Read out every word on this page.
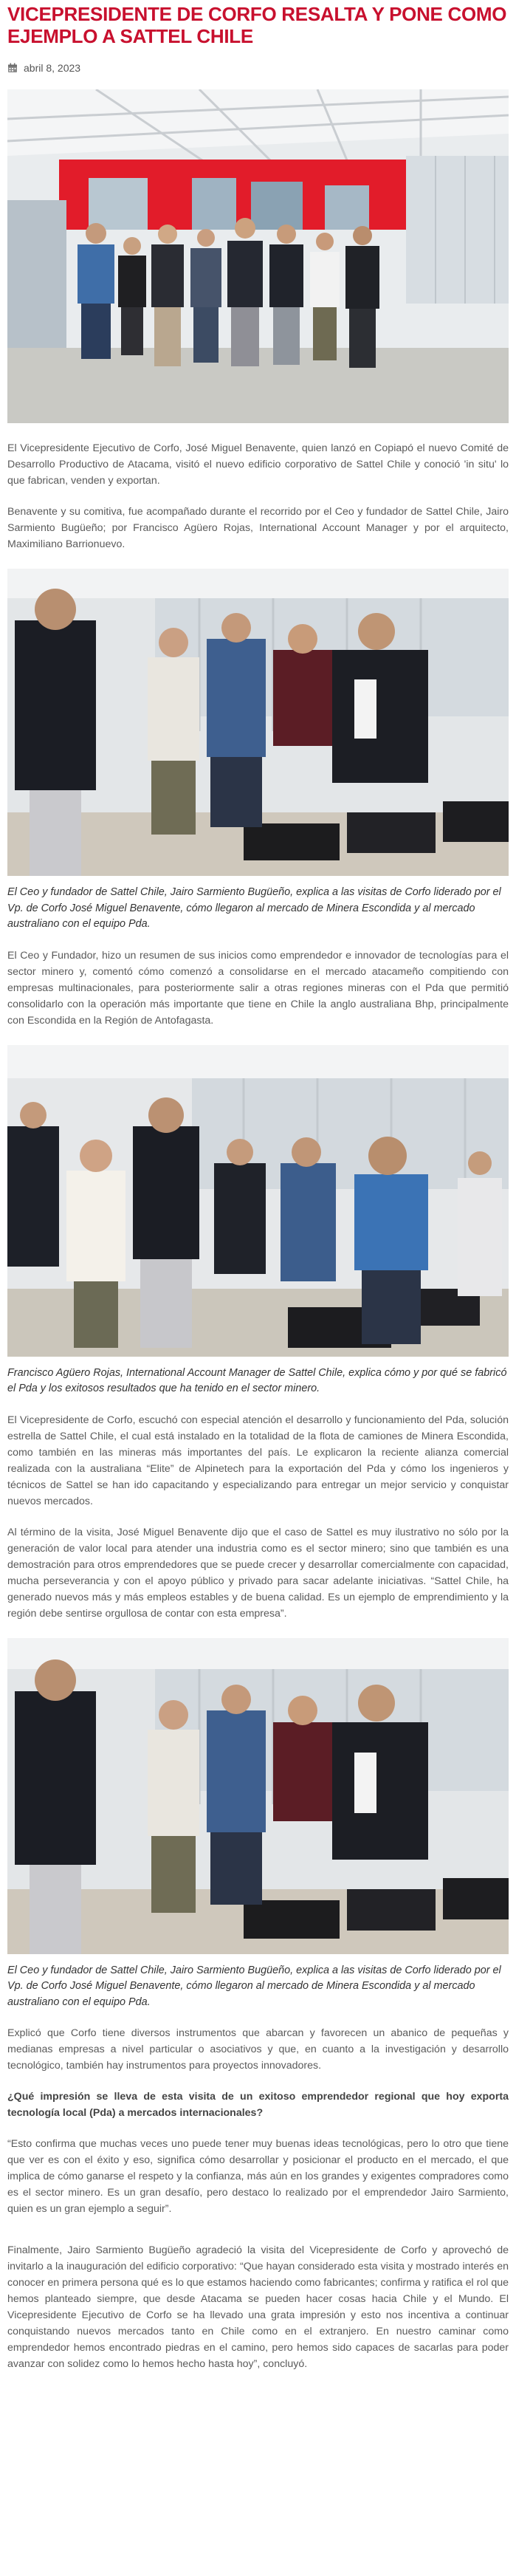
VICEPRESIDENTE DE CORFO RESALTA Y PONE COMO EJEMPLO A SATTEL CHILE
abril 8, 2023

El Vicepresidente Ejecutivo de Corfo, José Miguel Benavente, quien lanzó en Copiapó el nuevo Comité de Desarrollo Productivo de Atacama, visitó el nuevo edificio corporativo de Sattel Chile y conoció 'in situ' lo que fabrican, venden y exportan.

Benavente y su comitiva, fue acompañado durante el recorrido por el Ceo y fundador de Sattel Chile, Jairo Sarmiento Bugüeño; por Francisco Agüero Rojas, International Account Manager y por el arquitecto, Maximiliano Barrionuevo.

El Ceo y fundador de Sattel Chile, Jairo Sarmiento Bugüeño, explica a las visitas de Corfo liderado por el Vp. de Corfo José Miguel Benavente, cómo llegaron al mercado de Minera Escondida y al mercado australiano con el equipo Pda.

El Ceo y Fundador, hizo un resumen de sus inicios como emprendedor e innovador de tecnologías para el sector minero y, comentó cómo comenzó a consolidarse en el mercado atacameño compitiendo con empresas multinacionales, para posteriormente salir a otras regiones mineras con el Pda que permitió consolidarlo con la operación más importante que tiene en Chile la anglo australiana Bhp, principalmente con Escondida en la Región de Antofagasta.

Francisco Agüero Rojas, International Account Manager de Sattel Chile, explica cómo y por qué se fabricó el Pda y los exitosos resultados que ha tenido en el sector minero.

El Vicepresidente de Corfo, escuchó con especial atención el desarrollo y funcionamiento del Pda, solución estrella de Sattel Chile, el cual está instalado en la totalidad de la flota de camiones de Minera Escondida, como también en las mineras más importantes del país. Le explicaron la reciente alianza comercial realizada con la australiana “Elite” de Alpinetech para la exportación del Pda y cómo los ingenieros y técnicos de Sattel se han ido capacitando y especializando para entregar un mejor servicio y conquistar nuevos mercados.

Al término de la visita, José Miguel Benavente dijo que el caso de Sattel es muy ilustrativo no sólo por la generación de valor local para atender una industria como es el sector minero; sino que también es una demostración para otros emprendedores que se puede crecer y desarrollar comercialmente con capacidad, mucha perseverancia y con el apoyo público y privado para sacar adelante iniciativas. “Sattel Chile, ha generado nuevos más y más empleos estables y de buena calidad. Es un ejemplo de emprendimiento y la región debe sentirse orgullosa de contar con esta empresa”.

El Ceo y fundador de Sattel Chile, Jairo Sarmiento Bugüeño, explica a las visitas de Corfo liderado por el Vp. de Corfo José Miguel Benavente, cómo llegaron al mercado de Minera Escondida y al mercado australiano con el equipo Pda.

Explicó que Corfo tiene diversos instrumentos que abarcan y favorecen un abanico de pequeñas y medianas empresas a nivel particular o asociativos y que, en cuanto a la investigación y desarrollo tecnológico, también hay instrumentos para proyectos innovadores.

¿Qué impresión se lleva de esta visita de un exitoso emprendedor regional que hoy exporta tecnología local (Pda) a mercados internacionales?

“Esto confirma que muchas veces uno puede tener muy buenas ideas tecnológicas, pero lo otro que tiene que ver es con el éxito y eso, significa cómo desarrollar y posicionar el producto en el mercado, el que implica de cómo ganarse el respeto y la confianza, más aún en los grandes y exigentes compradores como es el sector minero. Es un gran desafío, pero destaco lo realizado por el emprendedor Jairo Sarmiento, quien es un gran ejemplo a seguir”.

Finalmente, Jairo Sarmiento Bugüeño agradeció la visita del Vicepresidente de Corfo y aprovechó de invitarlo a la inauguración del edificio corporativo: “Que hayan considerado esta visita y mostrado interés en conocer en primera persona qué es lo que estamos haciendo como fabricantes; confirma y ratifica el rol que hemos planteado siempre, que desde Atacama se pueden hacer cosas hacia Chile y el Mundo. El Vicepresidente Ejecutivo de Corfo se ha llevado una grata impresión y esto nos incentiva a continuar conquistando nuevos mercados tanto en Chile como en el extranjero. En nuestro caminar como emprendedor hemos encontrado piedras en el camino, pero hemos sido capaces de sacarlas para poder avanzar con solidez como lo hemos hecho hasta hoy”, concluyó.
